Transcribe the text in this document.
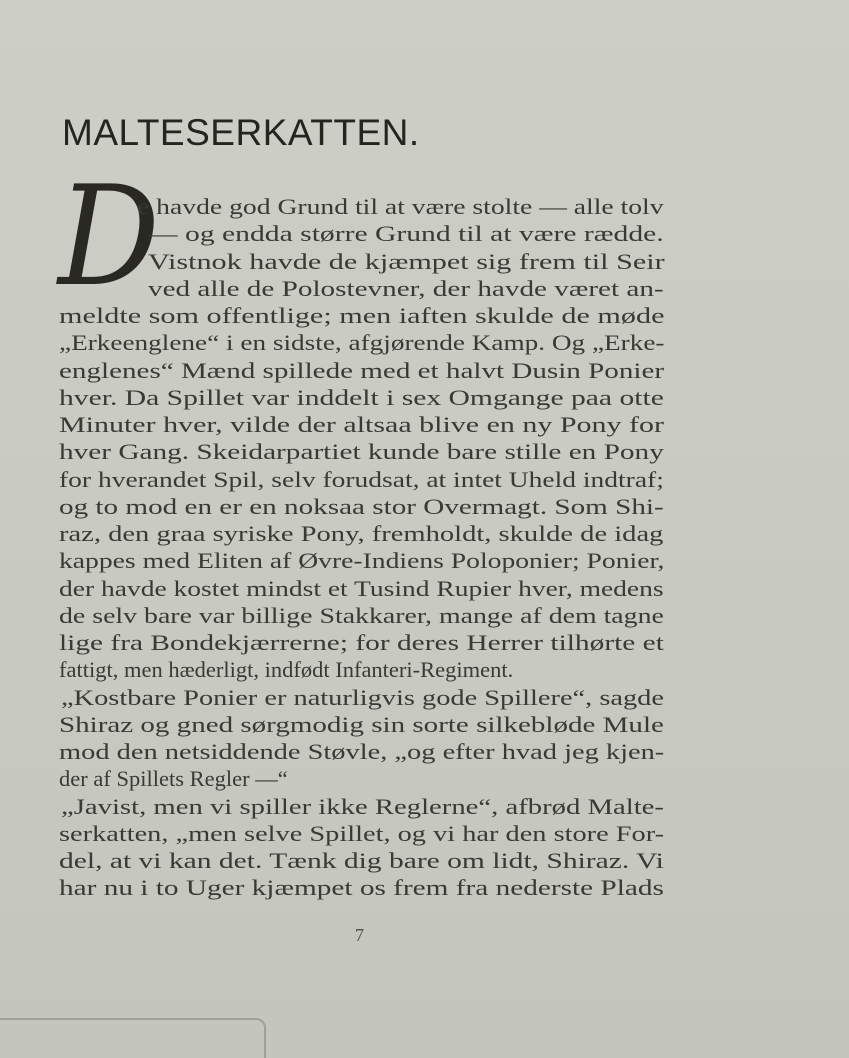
MALTESERKATTEN.
D
e havde god Grund til at være stolte — alle tolv
— og endda større Grund til at være rædde.
Vistnok havde de kjæmpet sig frem til Seir
ved alle de Polostevner, der havde været an-
meldte som offentlige; men iaften skulde de møde
„Erkeenglene“ i en sidste, afgjørende Kamp. Og „Erke-
englenes“ Mænd spillede med et halvt Dusin Ponier
hver. Da Spillet var inddelt i sex Omgange paa otte
Minuter hver, vilde der altsaa blive en ny Pony for
hver Gang. Skeidarpartiet kunde bare stille en Pony
for hverandet Spil, selv forudsat, at intet Uheld indtraf;
og to mod en er en noksaa stor Overmagt. Som Shi-
raz, den graa syriske Pony, fremholdt, skulde de idag
kappes med Eliten af Øvre-Indiens Poloponier; Ponier,
der havde kostet mindst et Tusind Rupier hver, medens
de selv bare var billige Stakkarer, mange af dem tagne
lige fra Bondekjærrerne; for deres Herrer tilhørte et
fattigt, men hæderligt, indfødt Infanteri-Regiment.
„Kostbare Ponier er naturligvis gode Spillere“, sagde
Shiraz og gned sørgmodig sin sorte silkebløde Mule
mod den netsiddende Støvle, „og efter hvad jeg kjen-
der af Spillets Regler —“
„Javist, men vi spiller ikke Reglerne“, afbrød Malte-
serkatten, „men selve Spillet, og vi har den store For-
del, at vi kan det. Tænk dig bare om lidt, Shiraz. Vi
har nu i to Uger kjæmpet os frem fra nederste Plads
7
